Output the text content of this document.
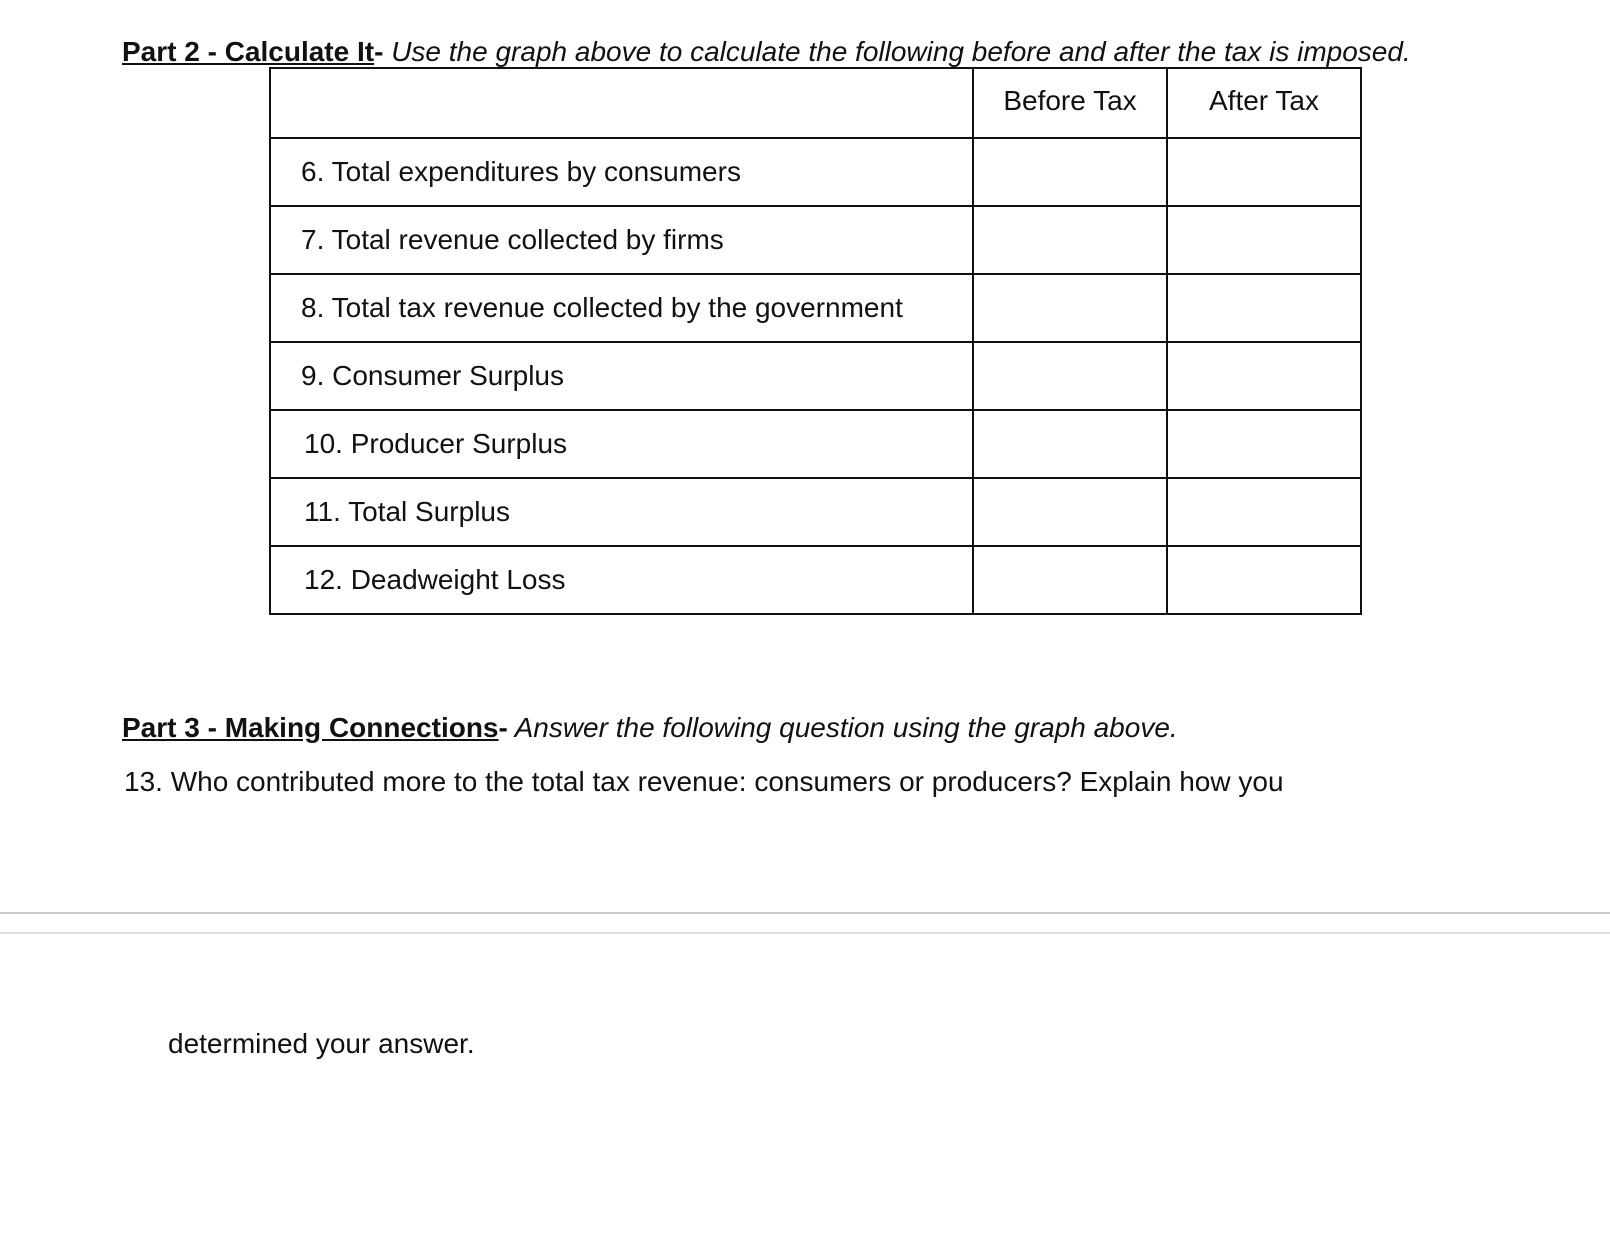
Part 2 - Calculate It- Use the graph above to calculate the following before and after the tax is imposed.
	Before Tax	After Tax
6. Total expenditures by consumers		
7. Total revenue collected by firms		
8. Total tax revenue collected by the government		
9. Consumer Surplus		
10. Producer Surplus		
11. Total Surplus		
12. Deadweight Loss		
Part 3 - Making Connections- Answer the following question using the graph above.
13. Who contributed more to the total tax revenue: consumers or producers? Explain how you
determined your answer.
